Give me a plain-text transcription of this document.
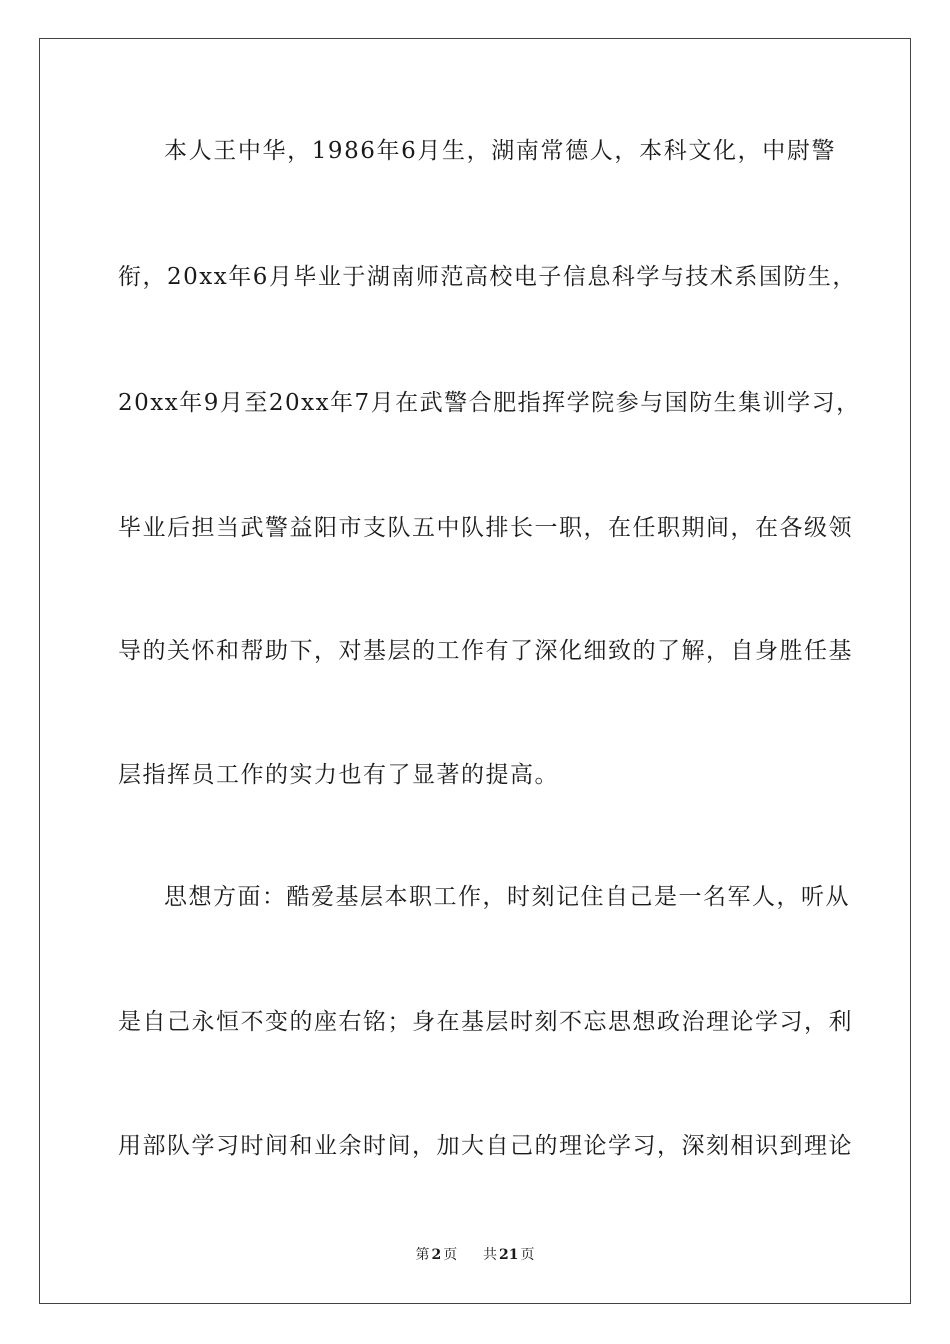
本人王中华，1986年6月生，湖南常德人，本科文化，中尉警
衔，20xx年6月毕业于湖南师范高校电子信息科学与技术系国防生，
20xx年9月至20xx年7月在武警合肥指挥学院参与国防生集训学习，
毕业后担当武警益阳市支队五中队排长一职，在任职期间，在各级领
导的关怀和帮助下，对基层的工作有了深化细致的了解，自身胜任基
层指挥员工作的实力也有了显著的提高。
思想方面：酷爱基层本职工作，时刻记住自己是一名军人，听从
是自己永恒不变的座右铭；身在基层时刻不忘思想政治理论学习，利
用部队学习时间和业余时间，加大自己的理论学习，深刻相识到理论
第 2 页 共 21 页
